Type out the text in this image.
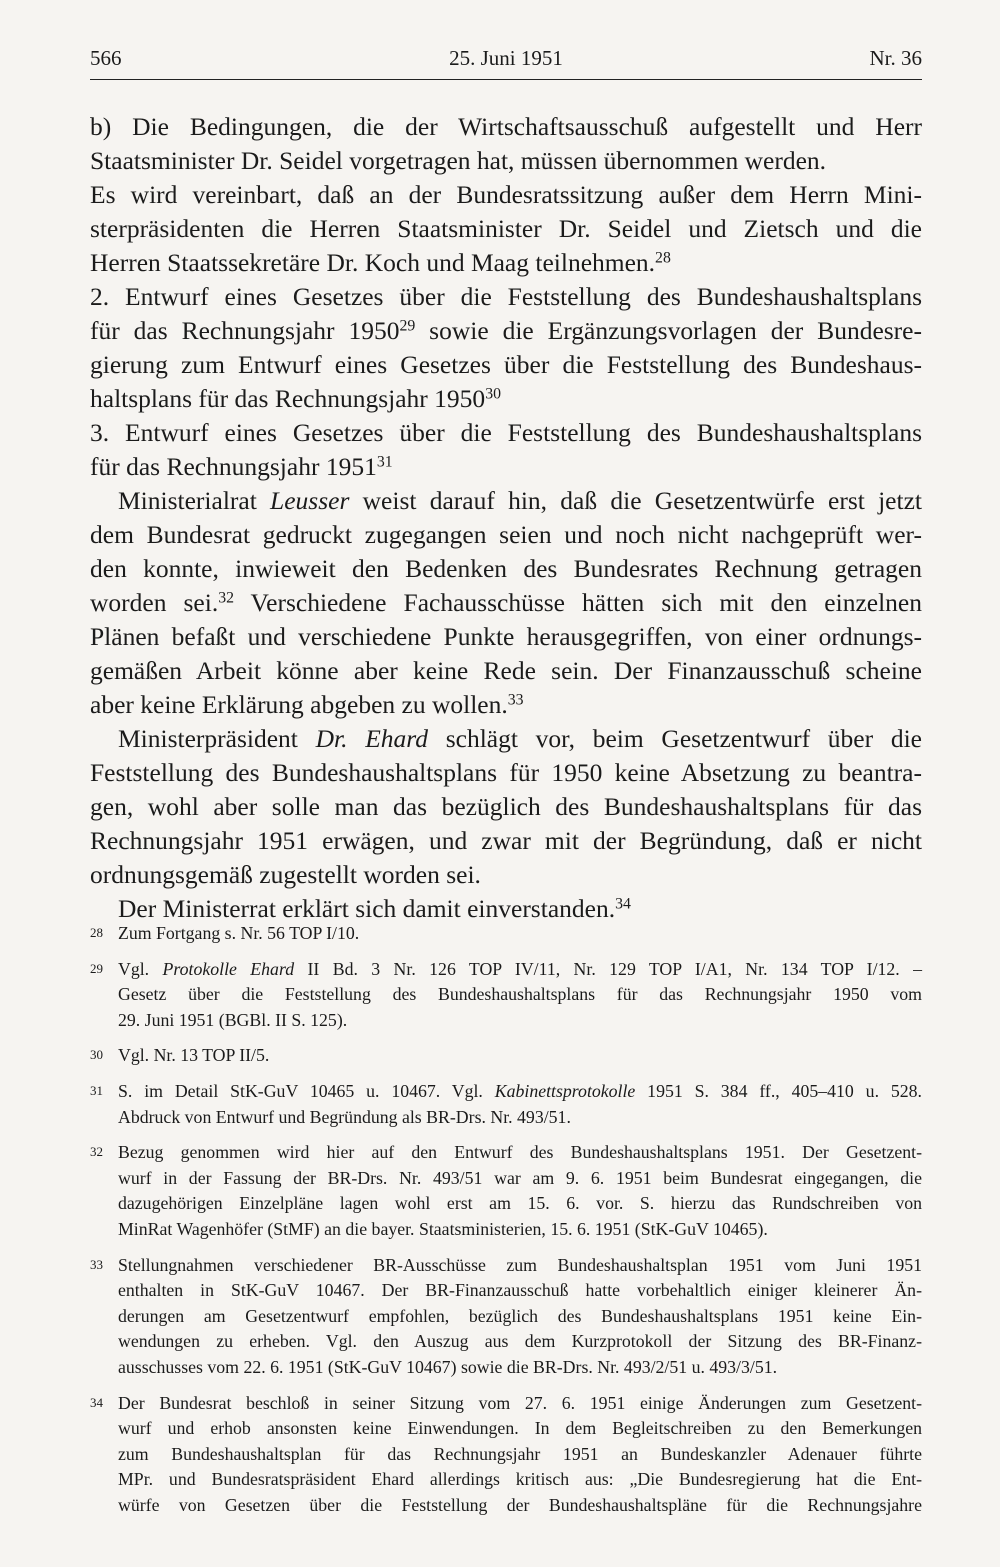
566	25. Juni 1951	Nr. 36
b) Die Bedingungen, die der Wirtschaftsausschuß aufgestellt und Herr
Staatsminister Dr. Seidel vorgetragen hat, müssen übernommen werden.
Es wird vereinbart, daß an der Bundesratssitzung außer dem Herrn Mini-
sterpräsidenten die Herren Staatsminister Dr. Seidel und Zietsch und die
Herren Staatssekretäre Dr. Koch und Maag teilnehmen.$^{28}$
2. Entwurf eines Gesetzes über die Feststellung des Bundeshaushaltsplans
für das Rechnungsjahr 1950$^{29}$ sowie die Ergänzungsvorlagen der Bundesre-
gierung zum Entwurf eines Gesetzes über die Feststellung des Bundeshaus-
haltsplans für das Rechnungsjahr 1950$^{30}$
3. Entwurf eines Gesetzes über die Feststellung des Bundeshaushaltsplans
für das Rechnungsjahr 1951$^{31}$
Ministerialrat Leusser weist darauf hin, daß die Gesetzentwürfe erst jetzt
dem Bundesrat gedruckt zugegangen seien und noch nicht nachgeprüft wer-
den konnte, inwieweit den Bedenken des Bundesrates Rechnung getragen
worden sei.$^{32}$ Verschiedene Fachausschüsse hätten sich mit den einzelnen
Plänen befaßt und verschiedene Punkte herausgegriffen, von einer ordnungs-
gemäßen Arbeit könne aber keine Rede sein. Der Finanzausschuß scheine
aber keine Erklärung abgeben zu wollen.$^{33}$
Ministerpräsident Dr. Ehard schlägt vor, beim Gesetzentwurf über die
Feststellung des Bundeshaushaltsplans für 1950 keine Absetzung zu beantra-
gen, wohl aber solle man das bezüglich des Bundeshaushaltsplans für das
Rechnungsjahr 1951 erwägen, und zwar mit der Begründung, daß er nicht
ordnungsgemäß zugestellt worden sei.
Der Ministerrat erklärt sich damit einverstanden.$^{34}$
28 Zum Fortgang s. Nr. 56 TOP I/10.
29 Vgl. Protokolle Ehard II Bd. 3 Nr. 126 TOP IV/11, Nr. 129 TOP I/A1, Nr. 134 TOP I/12. –
Gesetz über die Feststellung des Bundeshaushaltsplans für das Rechnungsjahr 1950 vom
29. Juni 1951 (BGBl. II S. 125).
30 Vgl. Nr. 13 TOP II/5.
31 S. im Detail StK-GuV 10465 u. 10467. Vgl. Kabinettsprotokolle 1951 S. 384 ff., 405–410 u. 528.
Abdruck von Entwurf und Begründung als BR-Drs. Nr. 493/51.
32 Bezug genommen wird hier auf den Entwurf des Bundeshaushaltsplans 1951. Der Gesetzent-
wurf in der Fassung der BR-Drs. Nr. 493/51 war am 9. 6. 1951 beim Bundesrat eingegangen, die
dazugehörigen Einzelpläne lagen wohl erst am 15. 6. vor. S. hierzu das Rundschreiben von
MinRat Wagenhöfer (StMF) an die bayer. Staatsministerien, 15. 6. 1951 (StK-GuV 10465).
33 Stellungnahmen verschiedener BR-Ausschüsse zum Bundeshaushaltsplan 1951 vom Juni 1951
enthalten in StK-GuV 10467. Der BR-Finanzausschuß hatte vorbehaltlich einiger kleinerer Än-
derungen am Gesetzentwurf empfohlen, bezüglich des Bundeshaushaltsplans 1951 keine Ein-
wendungen zu erheben. Vgl. den Auszug aus dem Kurzprotokoll der Sitzung des BR-Finanz-
ausschusses vom 22. 6. 1951 (StK-GuV 10467) sowie die BR-Drs. Nr. 493/2/51 u. 493/3/51.
34 Der Bundesrat beschloß in seiner Sitzung vom 27. 6. 1951 einige Änderungen zum Gesetzent-
wurf und erhob ansonsten keine Einwendungen. In dem Begleitschreiben zu den Bemerkungen
zum Bundeshaushaltsplan für das Rechnungsjahr 1951 an Bundeskanzler Adenauer führte
MPr. und Bundesratspräsident Ehard allerdings kritisch aus: „Die Bundesregierung hat die Ent-
würfe von Gesetzen über die Feststellung der Bundeshaushaltspläne für die Rechnungsjahre
